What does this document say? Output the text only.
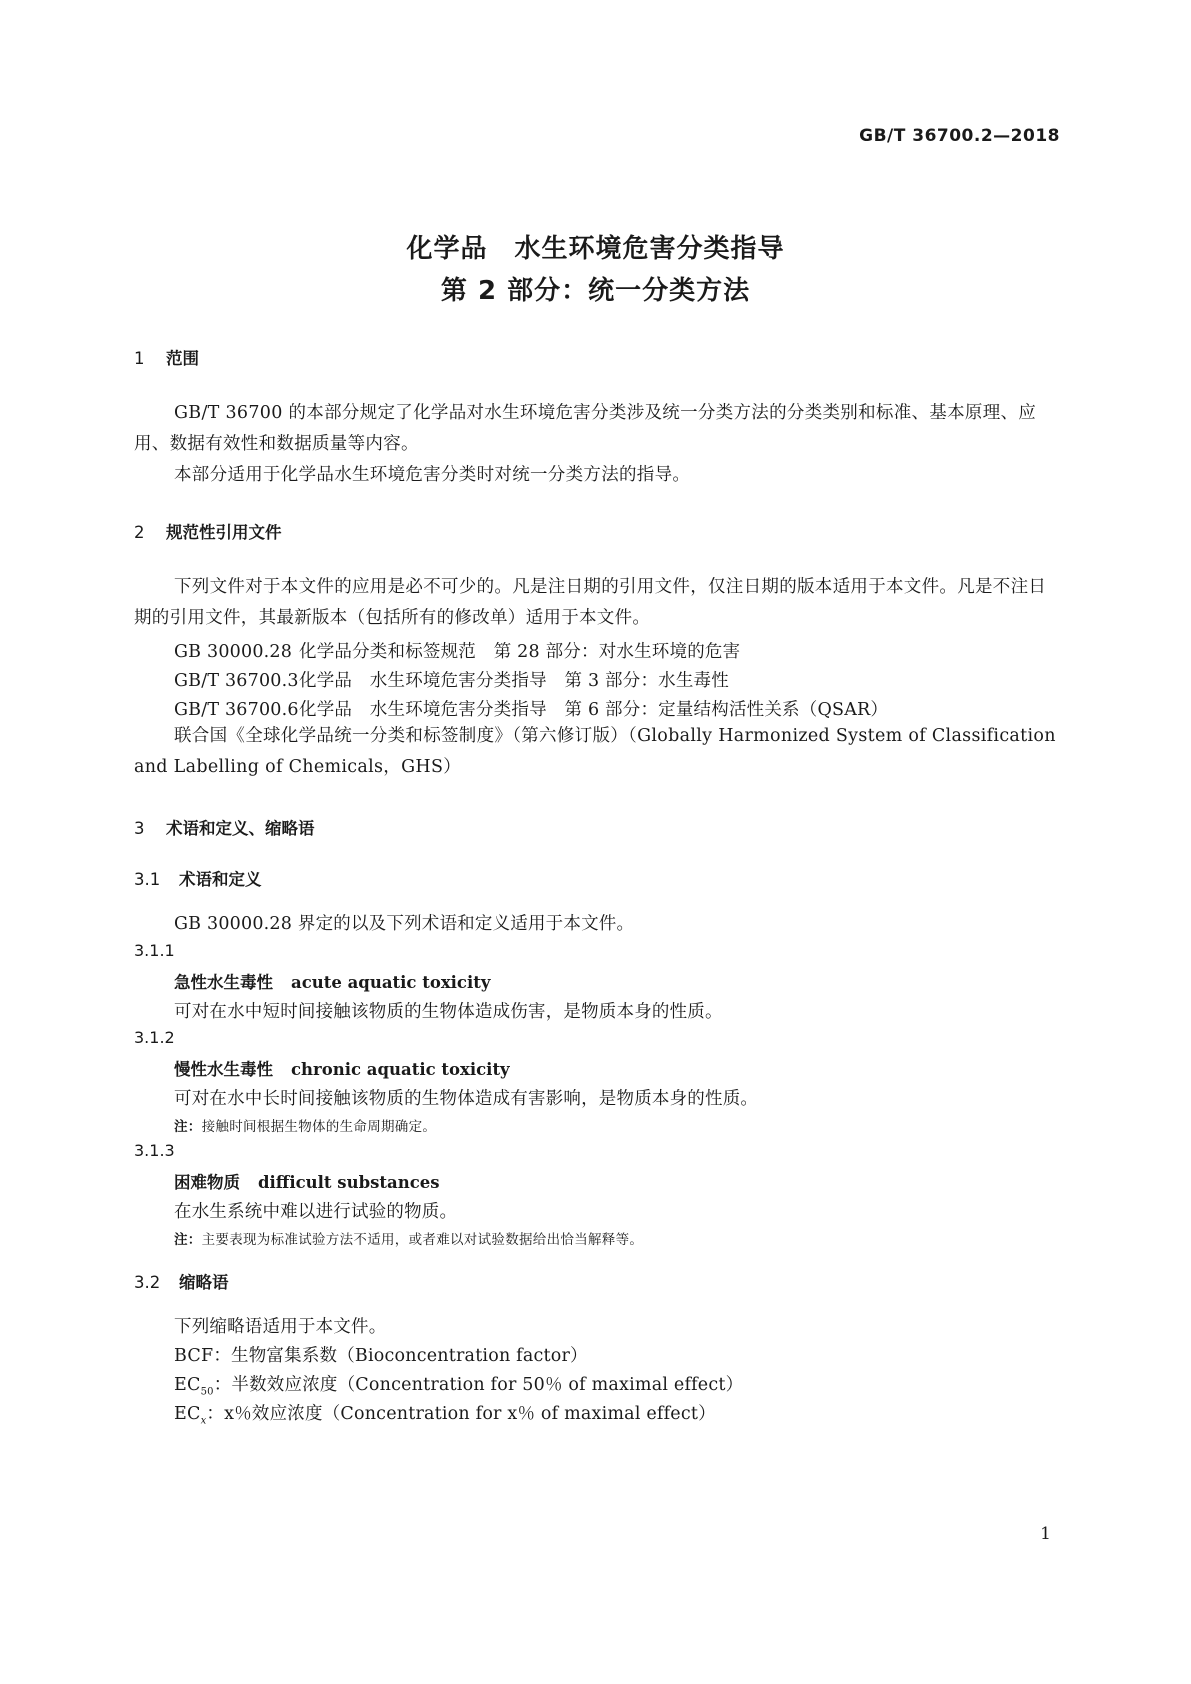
GB/T 36700.2—2018
化学品　水生环境危害分类指导
第 2 部分：统一分类方法
1 范围

GB/T 36700 的本部分规定了化学品对水生环境危害分类涉及统一分类方法的分类类别和标准、基本原理、应用、数据有效性和数据质量等内容。

本部分适用于化学品水生环境危害分类时对统一分类方法的指导。

2 规范性引用文件

下列文件对于本文件的应用是必不可少的。凡是注日期的引用文件，仅注日期的版本适用于本文件。凡是不注日期的引用文件，其最新版本（包括所有的修改单）适用于本文件。

GB 30000.28 化学品分类和标签规范　第 28 部分：对水生环境的危害
GB/T 36700.3化学品　水生环境危害分类指导　第 3 部分：水生毒性
GB/T 36700.6化学品　水生环境危害分类指导　第 6 部分：定量结构活性关系（QSAR）

联合国《全球化学品统一分类和标签制度》（第六修订版）（Globally Harmonized System of Classification and Labelling of Chemicals，GHS）

3 术语和定义、缩略语
3.1 术语和定义
GB 30000.28 界定的以及下列术语和定义适用于本文件。
3.1.1
急性水生毒性 acute aquatic toxicity
可对在水中短时间接触该物质的生物体造成伤害，是物质本身的性质。
3.1.2
慢性水生毒性 chronic aquatic toxicity
可对在水中长时间接触该物质的生物体造成有害影响，是物质本身的性质。
注：接触时间根据生物体的生命周期确定。
3.1.3
困难物质 difficult substances
在水生系统中难以进行试验的物质。
注：主要表现为标准试验方法不适用，或者难以对试验数据给出恰当解释等。
3.2 缩略语
下列缩略语适用于本文件。
BCF：生物富集系数（Bioconcentration factor）
$EC_{50}$：半数效应浓度（Concentration for 50％ of maximal effect）
$EC_x$：x％效应浓度（Concentration for x％ of maximal effect）
1
